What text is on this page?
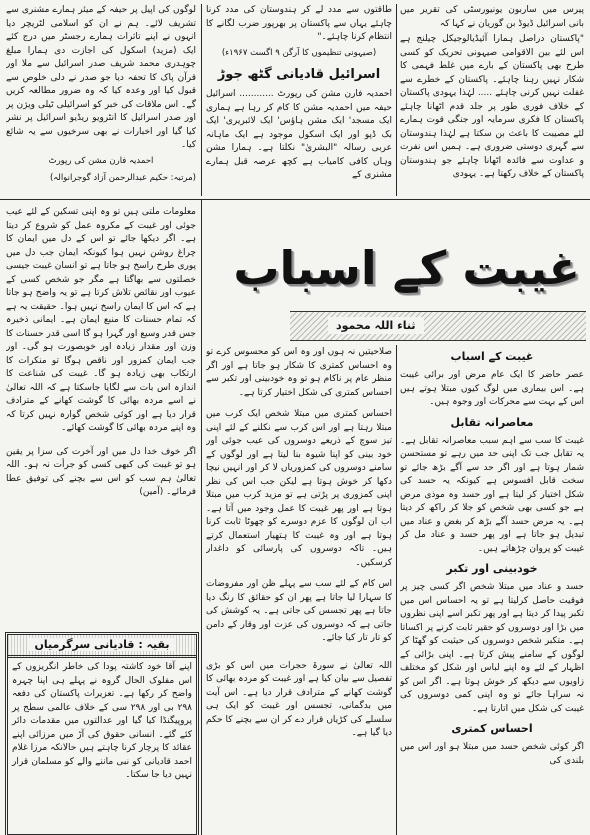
پیرس میں ساربون یونیورسٹی کی تقریر میں بانی اسرائیل ڈیوڈ بن گوریان نے کہا کہ

"پاکستان دراصل ہمارا آئیڈیالوجیکل چیلنج ہے اس لئے بین الاقوامی صیہونی تحریک کو کسی طرح بھی پاکستان کے بارے میں غلط فہمی کا شکار نہیں رہنا چاہئے۔ پاکستان کے خطرے سے غفلت نہیں کرنی چاہئے ..... لہٰذا یہودی پاکستان کے خلاف فوری طور پر جلد قدم اٹھانا چاہئے پاکستان کا فکری سرمایہ اور جنگی قوت ہمارے لئے مصیبت کا باعث بن سکتا ہے لہٰذا ہندوستان سے گہری دوستی ضروری ہے۔ ہمیں اس نفرت و عداوت سے فائدہ اٹھانا چاہئے جو ہندوستان پاکستان کے خلاف رکھتا ہے۔ یہودی

طاقتوں سے مدد لے کر ہندوستان کی مدد کرنا چاہئے یہاں سے پاکستان پر بھرپور ضرب لگانے کا انتظام کرنا چاہئے۔"

(صیہونی تنظیموں کا آرگن ۹ اگست ۱۹۶۷ء)
اسرائیل قادیانی گٹھ جوڑ

احمدیہ فارن مشن کی رپورٹ ............ اسرائیل حیفہ میں احمدیہ مشن کا کام کر رہا ہے ہماری ایک مسجد' ایک مشن ہاؤس' ایک لائبریری' ایک بک ڈپو اور ایک اسکول موجود ہے ایک ماہانہ عربی رسالہ "البشریٰ" نکلتا ہے۔ ہمارا مشن وہاں کافی کامیاب ہے کچھ عرصہ قبل ہمارے مشنری کے

لوگوں کی اپیل پر حیفہ کے میئر ہمارے مشنری سے تشریف لائے۔ ہم نے ان کو اسلامی لٹریچر دیا انہوں نے اپنے تاثرات ہمارے رجسٹر میں درج کئے ایک (مزید) اسکول کی اجازت دی ہمارا مبلغ چوہدری محمد شریف صدر اسرائیل سے ملا اور قرآن پاک کا تحفہ دیا جو صدر نے دلی خلوص سے قبول کیا اور وعدہ کیا کہ وہ ضرور مطالعہ کریں گے۔ اس ملاقات کی خبر کو اسرائیلی ٹیلی ویژن پر اور صدر اسرائیل کا انٹرویو ریڈیو اسرائیل پر نشر کیا گیا اور اخبارات نے بھی سرخیوں سے یہ شائع کیا۔

احمدیہ فارن مشن کی رپورٹ
(مرتبہ: حکیم عبدالرحمن آزاد گوجرانوالہ)
غیبت کے اسباب
ثناء اللہ محمود

معلومات ملتی ہیں تو وہ اپنی تسکین کے لئے عیب جوئی اور غیبت کے مکروہ عمل کو شروع کر دیتا ہے۔ اگر دیکھا جائے تو اس کے دل میں ایمان کا چراغ روشن نہیں ہوا کیونکہ ایمان جب دل میں پوری طرح راسخ ہو جاتا ہے تو انسان غیبت جیسی خصلتوں سے بھاگتا ہے مگر جو شخص کسی کے عیوب اور نقائص تلاش کرتا ہے تو یہ واضح ہو جاتا ہے کہ اس کا ایمان راسخ نہیں ہوا۔ حقیقت یہ ہے کہ تمام حسنات کا منبع ایمان ہے۔ ایمانی ذخیرہ جس قدر وسیع اور گہرا ہو گا اسی قدر حسنات کا وزن اور مقدار زیادہ اور خوبصورت ہو گی۔ اور جب ایمان کمزور اور ناقص ہوگا تو منکرات کا ارتکاب بھی زیادہ ہو گا۔ غیبت کی شناعت کا اندازہ اس بات سے لگایا جاسکتا ہے کہ اللہ تعالیٰ نے اسے مردہ بھائی کا گوشت کھانے کے مترادف قرار دیا ہے اور کوئی شخص گوارہ نہیں کرتا کہ وہ اپنے مردہ بھائی کا گوشت کھائے۔

اگر خوف خدا دل میں اور آخرت کی سزا پر یقین ہو تو غیبت کی کبھی کسی کو جرأت نہ ہو۔ اللہ تعالیٰ ہم سب کو اس سے بچنے کی توفیق عطا فرمائے۔ (آمین)

صلاحیتیں نہ ہوں اور وہ اس کو محسوس کرے تو وہ احساس کمتری کا شکار ہو جاتا ہے اور اگر منظر عام پر ناکام ہو تو وہ خودبینی اور تکبر سے احساس کمتری کی شکل اختیار کرتا ہے۔

احساس کمتری میں مبتلا شخص ایک کرب میں مبتلا رہتا ہے اور اس کرب سے نکلنے کے لئے اپنی تیز سوچ کے ذریعے دوسروں کی عیب جوئی اور خود بینی کو اپنا شیوہ بنا لیتا ہے اور لوگوں کے سامنے دوسروں کی کمزوریاں لا کر اور انہیں نیچا دکھا کر خوش ہوتا ہے لیکن جب اس کی نظر اپنی کمزوری پر پڑتی ہے تو مزید کرب میں مبتلا ہوتا ہے اور پھر غیبت کا عمل وجود میں آتا ہے۔ اب ان لوگوں کا عزم دوسرے کو چھوٹا ثابت کرنا ہوتا ہے اور وہ غیبت کا ہتھیار استعمال کرتے ہیں۔ تاکہ دوسروں کی پارسائی کو داغدار کرسکیں۔

اس کام کے لئے سب سے پہلے ظن اور مفروضات کا سہارا لیا جاتا ہے پھر ان کو حقائق کا رنگ دیا جاتا ہے پھر تجسس کی جاتی ہے۔ یہ کوشش کی جاتی ہے کہ دوسروں کی عزت اور وقار کے دامن کو تار تار کیا جائے۔

اللہ تعالیٰ نے سورۃ حجرات میں اس کو بڑی تفصیل سے بیان کیا ہے اور غیبت کو مردہ بھائی کا گوشت کھانے کے مترادف قرار دیا ہے۔ اس آیت میں بدگمانی، تجسس اور غیبت کو ایک ہی سلسلے کی کڑیاں قرار دے کر ان سے بچنے کا حکم دیا گیا ہے۔

غیبت کے اسباب

عصر حاضر کا ایک عام مرض اور برائی غیبت ہے۔ اس بیماری میں لوگ کیوں مبتلا ہوتے ہیں اس کے بہت سے محرکات اور وجوہ ہیں۔

معاصرانہ تقابل

غیبت کا سب سے اہم سبب معاصرانہ تقابل ہے۔ یہ تقابل جب تک اپنی حد میں رہے تو مستحسن شمار ہوتا ہے اور اگر حد سے آگے بڑھ جائے تو سخت قابل افسوس ہے کیونکہ یہ حسد کی شکل اختیار کر لیتا ہے اور حسد وہ موذی مرض ہے جو کسی بھی شخص کو جلا کر راکھ کر دیتا ہے۔ یہ مرض حسد آگے بڑھ کر بغض و عناد میں تبدیل ہو جاتا ہے اور پھر حسد و عناد مل کر غیبت کو پروان چڑھاتے ہیں۔

خودبینی اور تکبر

حسد و عناد میں مبتلا شخص اگر کسی چیز پر فوقیت حاصل کرلیتا ہے تو یہ احساس اس میں تکبر پیدا کر دیتا ہے اور پھر تکبر اسے اپنی نظروں میں بڑا اور دوسروں کو حقیر ثابت کرنے پر اکساتا ہے۔ متکبر شخص دوسروں کی حیثیت کو گھٹا کر لوگوں کے سامنے پیش کرتا ہے۔ اپنی بڑائی کے اظہار کے لئے وہ اپنے لباس اور شکل کو مختلف زاویوں سے دیکھ کر خوش ہوتا ہے۔ اگر اس کو نہ سراہا جائے تو وہ اپنی کمی دوسروں کی غیبت کی شکل میں اتارتا ہے۔

احساس کمتری

اگر کوئی شخص حسد میں مبتلا ہو اور اس میں بلندی کی

بقیہ : قادیانی سرگرمیاں
اپنے آقا خود کاشتہ پودا کی خاطر انگریزوں کے اس مفلوک الحال گروہ نے پہلے ہی اپنا چہرہ واضح کر رکھا ہے۔ تعزیرات پاکستان کی دفعہ ۲۹۸ بی اور ۲۹۸ سی کے خلاف عالمی سطح پر پروپیگنڈا کیا گیا اور عدالتوں میں مقدمات دائر کئے گئے۔ انسانی حقوق کی آڑ میں مرزائی اپنے عقائد کا پرچار کرنا چاہتے ہیں حالانکہ مرزا غلام احمد قادیانی کو نبی ماننے والے کو مسلمان قرار نہیں دیا جا سکتا۔
